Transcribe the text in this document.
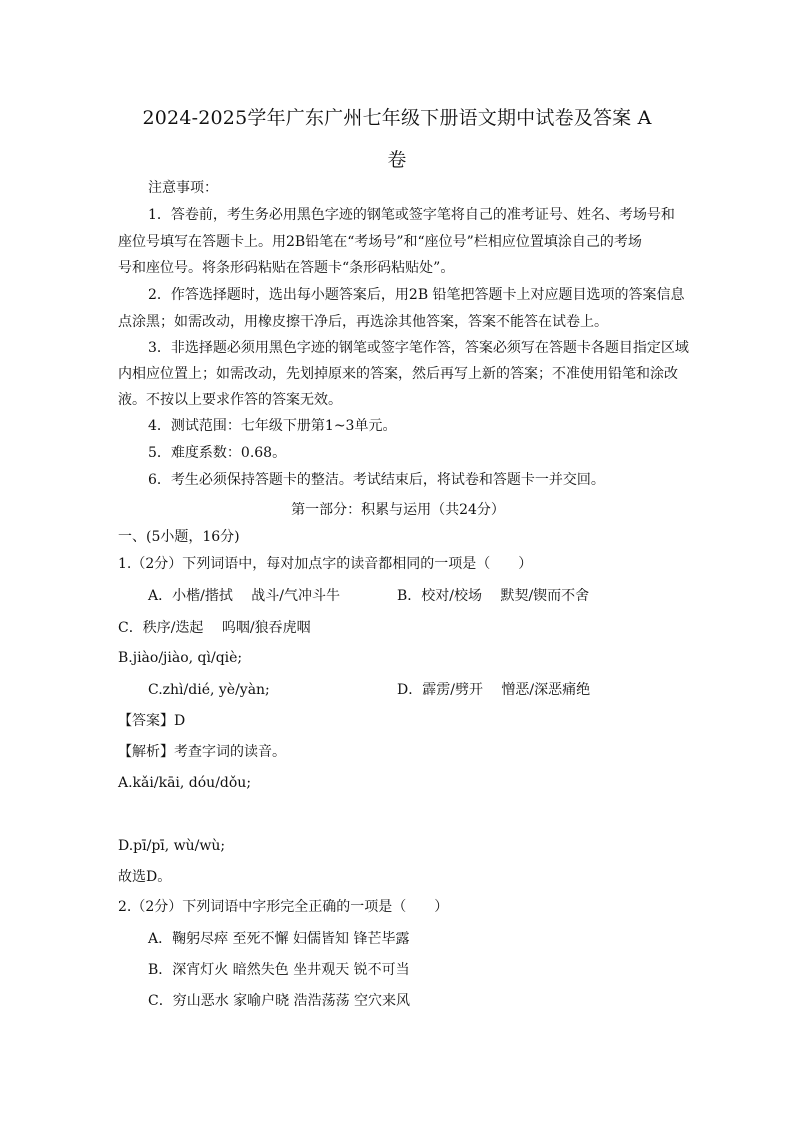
2024-2025学年广东广州七年级下册语文期中试卷及答案 A
卷
注意事项：
1．答卷前，考生务必用黑色字迹的钢笔或签字笔将自己的准考证号、姓名、考场号和
座位号填写在答题卡上。用2B铅笔在“考场号”和“座位号”栏相应位置填涂自己的考场
号和座位号。将条形码粘贴在答题卡“条形码粘贴处”。
2．作答选择题时，选出每小题答案后，用2B 铅笔把答题卡上对应题目选项的答案信息
点涂黑；如需改动，用橡皮擦干净后，再选涂其他答案，答案不能答在试卷上。
3．非选择题必须用黑色字迹的钢笔或签字笔作答，答案必须写在答题卡各题目指定区域
内相应位置上；如需改动，先划掉原来的答案，然后再写上新的答案；不准使用铅笔和涂改
液。不按以上要求作答的答案无效。
4．测试范围：七年级下册第1~3单元。
5．难度系数：0.68。
6．考生必须保持答题卡的整洁。考试结束后，将试卷和答题卡一并交回。
第一部分：积累与运用（共24分）
一、(5小题，16分)
1.（2分）下列词语中，每对加点字的读音都相同的一项是（　　）
A．小楷/揩拭　 战斗/气冲斗牛	B．校对/校场　 默契/锲而不舍
C．秩序/迭起　 呜咽/狼吞虎咽
B.jiào/jiào, qì/qiè;
C.zhì/dié, yè/yàn;	D．霹雳/劈开　 憎恶/深恶痛绝
【答案】D
【解析】考查字词的读音。
A.kǎi/kāi, dóu/dǒu;
D.pī/pī, wù/wù;
故选D。
2.（2分）下列词语中字形完全正确的一项是（　　）
A．鞠躬尽瘁 至死不懈 妇儒皆知 锋芒毕露
B．深宵灯火 暗然失色 坐井观天 锐不可当
C．穷山恶水 家喻户晓 浩浩荡荡 空穴来风
